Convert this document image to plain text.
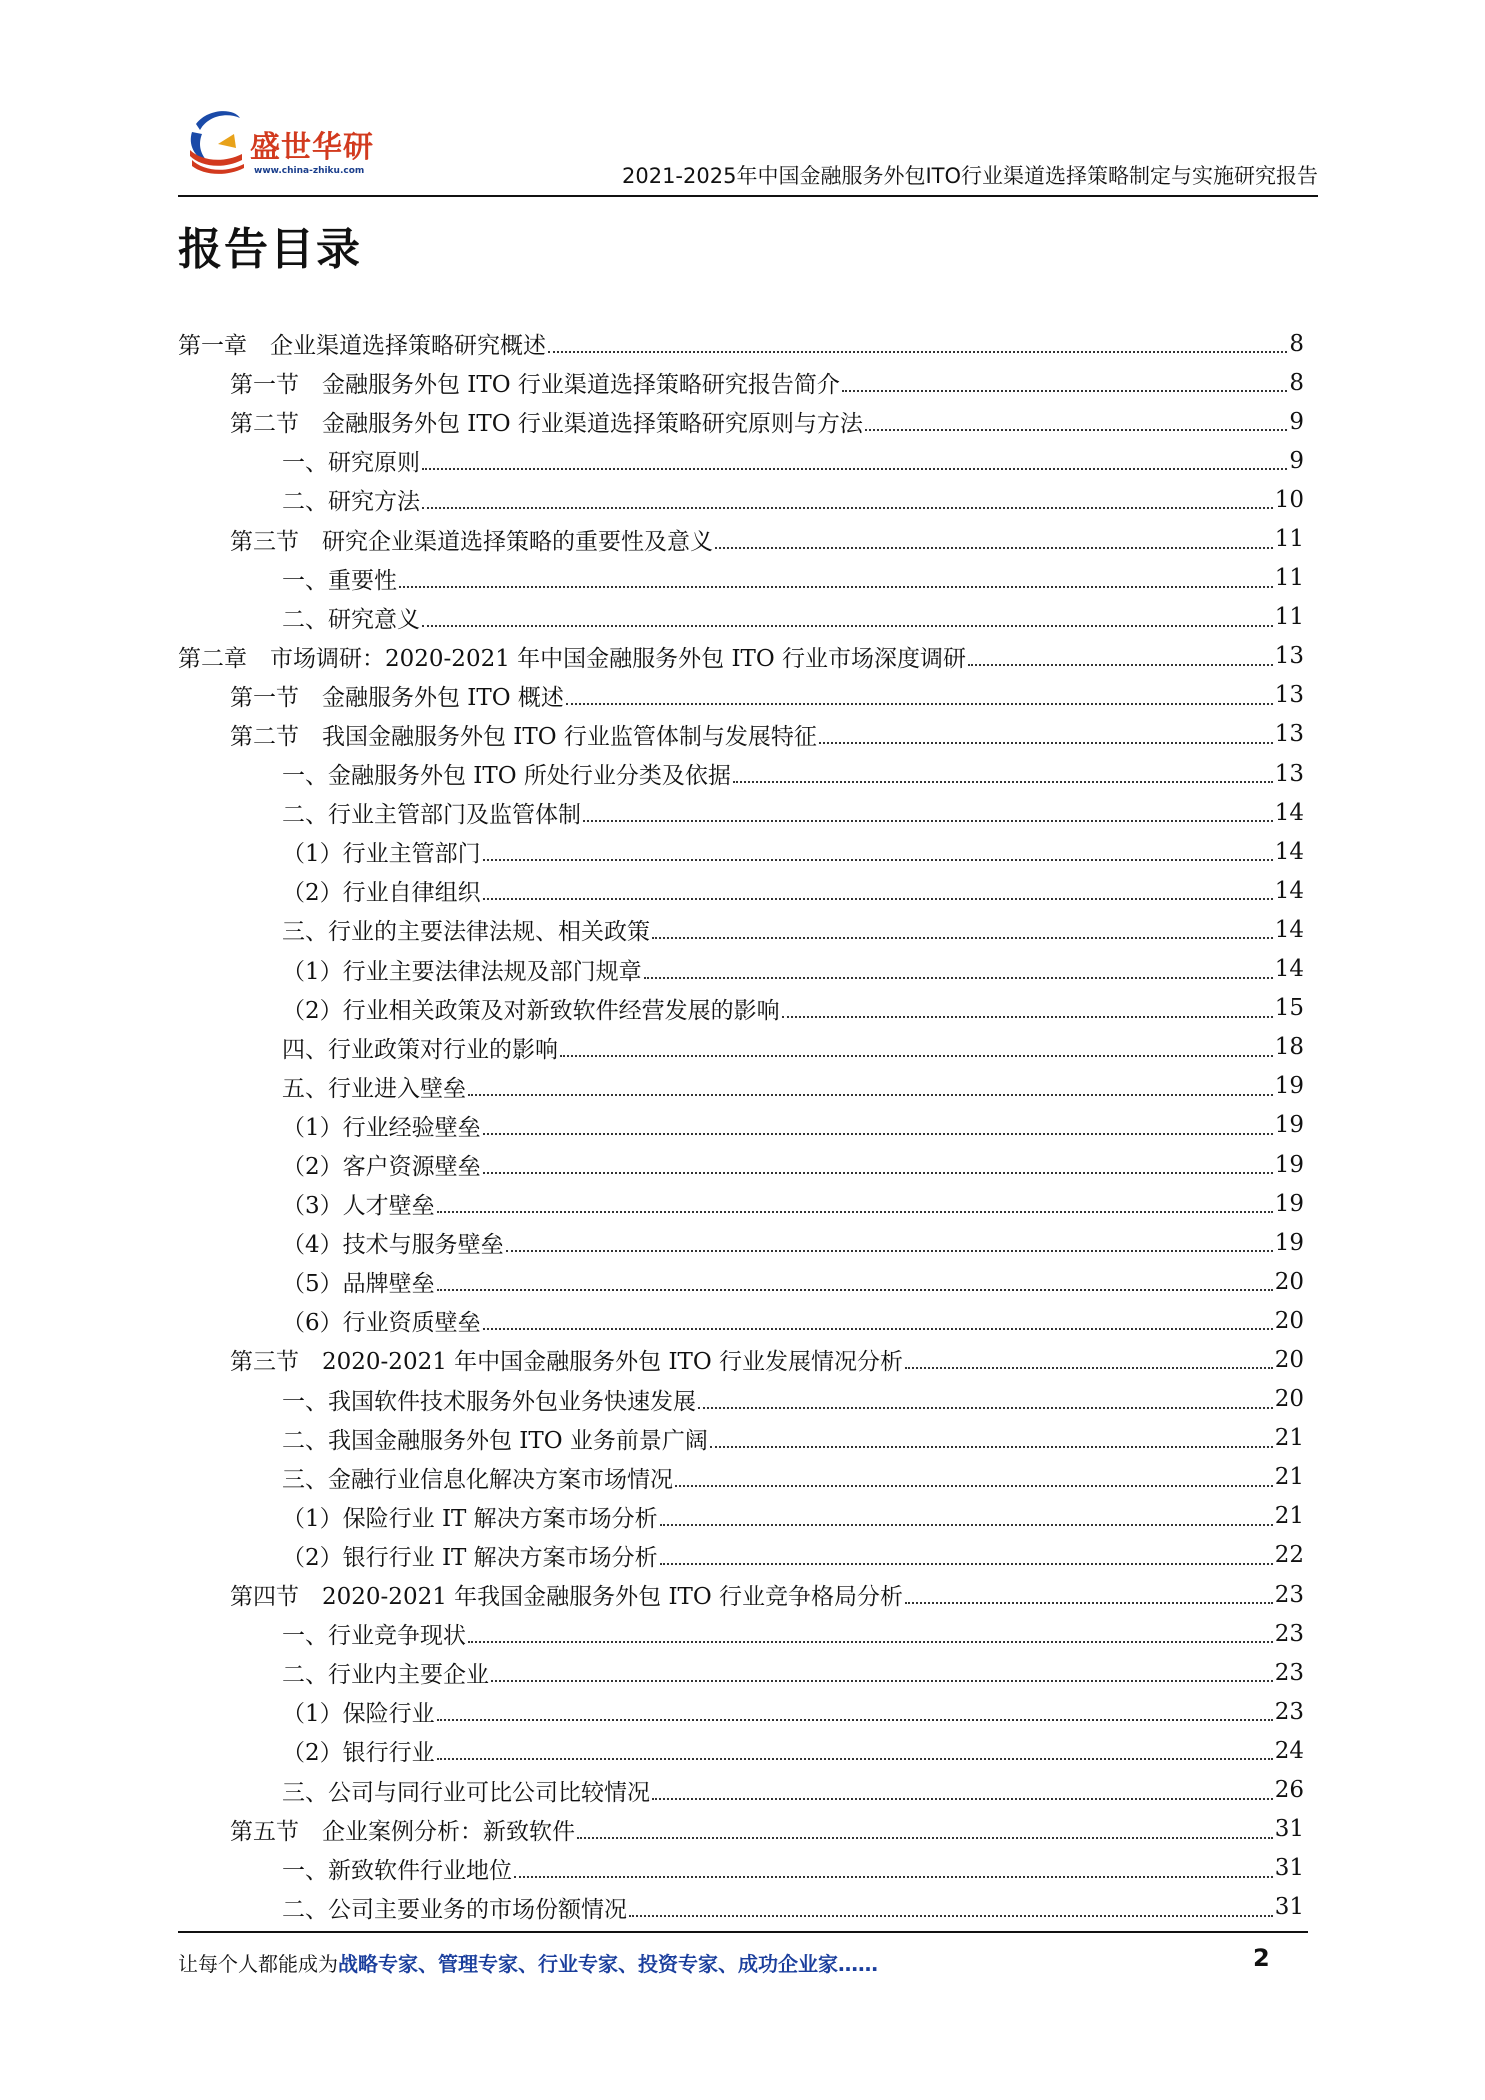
盛世华研
www.china-zhiku.com	2021-2025年中国金融服务外包ITO行业渠道选择策略制定与实施研究报告
报告目录
第一章　企业渠道选择策略研究概述	8
第一节　金融服务外包 ITO 行业渠道选择策略研究报告简介	8
第二节　金融服务外包 ITO 行业渠道选择策略研究原则与方法	9
一、研究原则	9
二、研究方法	10
第三节　研究企业渠道选择策略的重要性及意义	11
一、重要性	11
二、研究意义	11
第二章　市场调研：2020-2021 年中国金融服务外包 ITO 行业市场深度调研	13
第一节　金融服务外包 ITO 概述	13
第二节　我国金融服务外包 ITO 行业监管体制与发展特征	13
一、金融服务外包 ITO 所处行业分类及依据	13
二、行业主管部门及监管体制	14
（1）行业主管部门	14
（2）行业自律组织	14
三、行业的主要法律法规、相关政策	14
（1）行业主要法律法规及部门规章	14
（2）行业相关政策及对新致软件经营发展的影响	15
四、行业政策对行业的影响	18
五、行业进入壁垒	19
（1）行业经验壁垒	19
（2）客户资源壁垒	19
（3）人才壁垒	19
（4）技术与服务壁垒	19
（5）品牌壁垒	20
（6）行业资质壁垒	20
第三节　2020-2021 年中国金融服务外包 ITO 行业发展情况分析	20
一、我国软件技术服务外包业务快速发展	20
二、我国金融服务外包 ITO 业务前景广阔	21
三、金融行业信息化解决方案市场情况	21
（1）保险行业 IT 解决方案市场分析	21
（2）银行行业 IT 解决方案市场分析	22
第四节　2020-2021 年我国金融服务外包 ITO 行业竞争格局分析	23
一、行业竞争现状	23
二、行业内主要企业	23
（1）保险行业	23
（2）银行行业	24
三、公司与同行业可比公司比较情况	26
第五节　企业案例分析：新致软件	31
一、新致软件行业地位	31
二、公司主要业务的市场份额情况	31
让每个人都能成为战略专家、管理专家、行业专家、投资专家、成功企业家……	2
